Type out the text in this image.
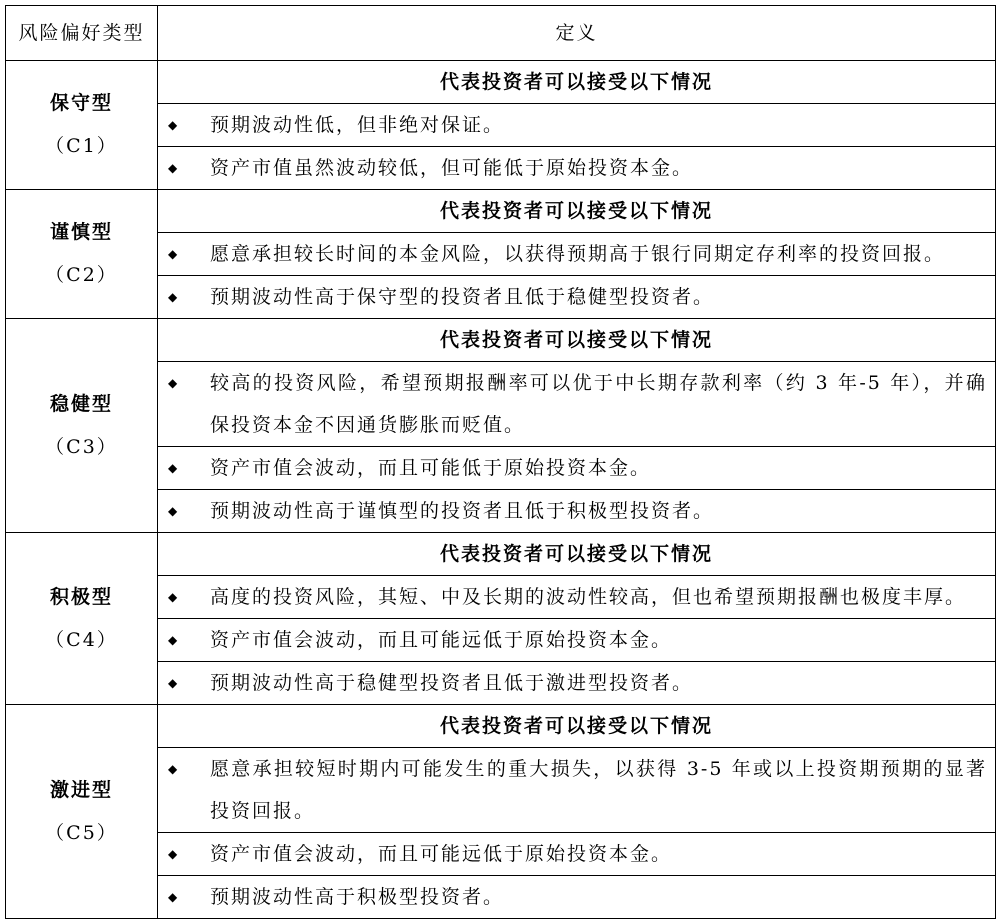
风险偏好类型	定义

保守型
（C1）	代表投资者可以接受以下情况

	◆ 预期波动性低，但非绝对保证。

	◆ 资产市值虽然波动较低，但可能低于原始投资本金。

谨慎型
（C2）	代表投资者可以接受以下情况

	◆ 愿意承担较长时间的本金风险，以获得预期高于银行同期定存利率的投资回报。

	◆ 预期波动性高于保守型的投资者且低于稳健型投资者。

稳健型
（C3）	代表投资者可以接受以下情况

	◆ 较高的投资风险，希望预期报酬率可以优于中长期存款利率（约 3 年-5 年），并确保投资本金不因通货膨胀而贬值。

	◆ 资产市值会波动，而且可能低于原始投资本金。

	◆ 预期波动性高于谨慎型的投资者且低于积极型投资者。

积极型
（C4）	代表投资者可以接受以下情况

	◆ 高度的投资风险，其短、中及长期的波动性较高，但也希望预期报酬也极度丰厚。

	◆ 资产市值会波动，而且可能远低于原始投资本金。

	◆ 预期波动性高于稳健型投资者且低于激进型投资者。

激进型
（C5）	代表投资者可以接受以下情况

	◆ 愿意承担较短时期内可能发生的重大损失，以获得 3-5 年或以上投资期预期的显著投资回报。

	◆ 资产市值会波动，而且可能远低于原始投资本金。

	◆ 预期波动性高于积极型投资者。
